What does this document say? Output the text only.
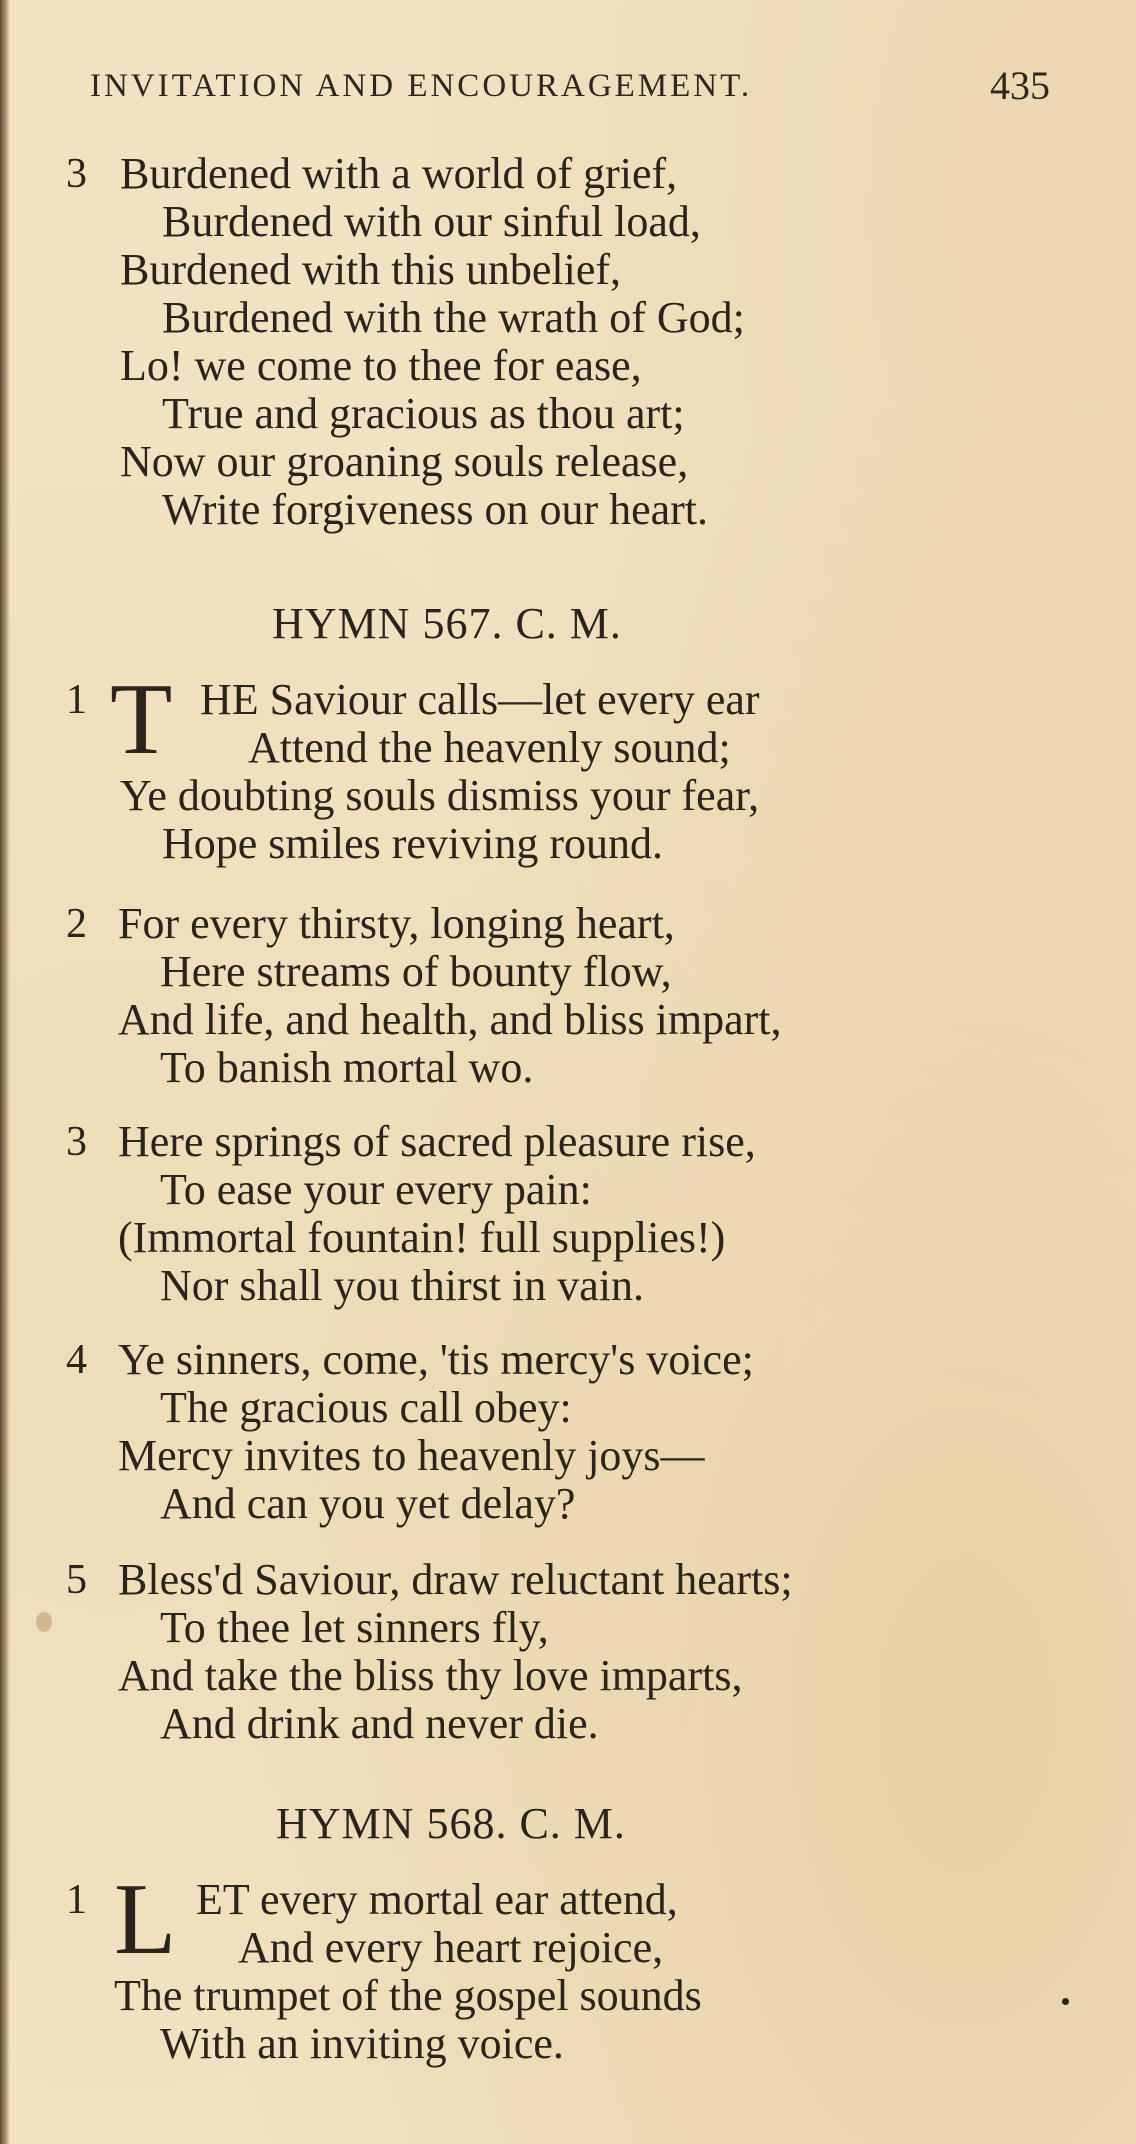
INVITATION AND ENCOURAGEMENT.	435
3 Burdened with a world of grief,
Burdened with our sinful load,
Burdened with this unbelief,
Burdened with the wrath of God;
Lo! we come to thee for ease,
True and gracious as thou art;
Now our groaning souls release,
Write forgiveness on our heart.
HYMN 567. C. M.
1 T HE Saviour calls—let every ear
Attend the heavenly sound;
Ye doubting souls dismiss your fear,
Hope smiles reviving round.
2 For every thirsty, longing heart,
Here streams of bounty flow,
And life, and health, and bliss impart,
To banish mortal wo.
3 Here springs of sacred pleasure rise,
To ease your every pain:
(Immortal fountain! full supplies!)
Nor shall you thirst in vain.
4 Ye sinners, come, 'tis mercy's voice;
The gracious call obey:
Mercy invites to heavenly joys—
And can you yet delay?
5 Bless'd Saviour, draw reluctant hearts;
To thee let sinners fly,
And take the bliss thy love imparts,
And drink and never die.
HYMN 568. C. M.
1 L ET every mortal ear attend,
And every heart rejoice,
The trumpet of the gospel sounds
With an inviting voice.
